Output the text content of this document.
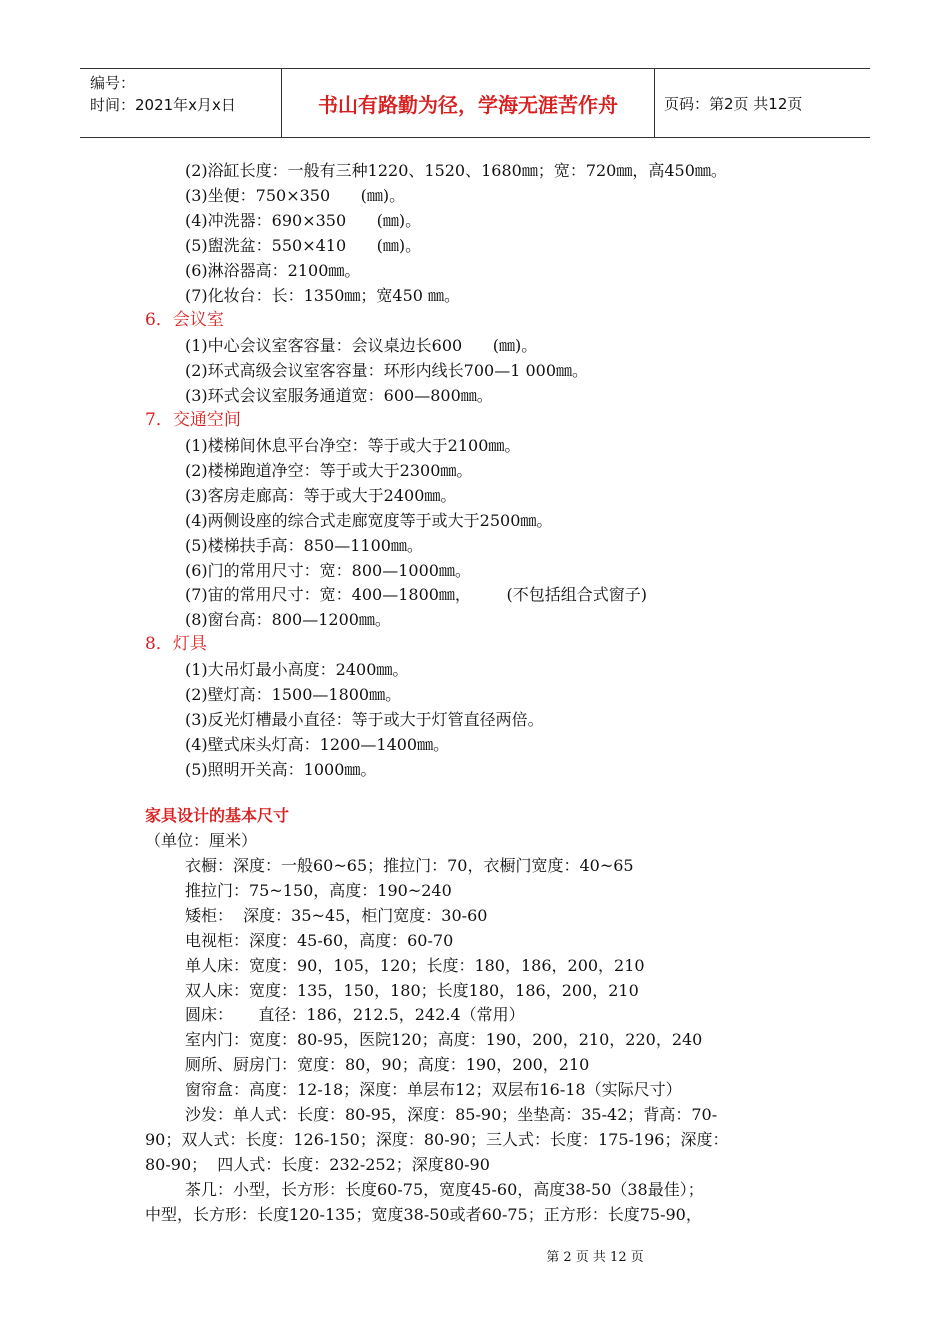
编号：
时间：2021年x月x日	书山有路勤为径，学海无涯苦作舟	页码：第2页 共12页
(2)浴缸长度：一般有三种1220、1520、1680㎜；宽：720㎜，高450㎜。
(3)坐便：750×350      (㎜)。
(4)冲洗器：690×350      (㎜)。
(5)盥洗盆：550×410      (㎜)。
(6)淋浴器高：2100㎜。
(7)化妆台：长：1350㎜；宽450 ㎜。
6．会议室
(1)中心会议室客容量：会议桌边长600      (㎜)。
(2)环式高级会议室客容量：环形内线长700—1 000㎜。
(3)环式会议室服务通道宽：600—800㎜。
7．交通空间
(1)楼梯间休息平台净空：等于或大于2100㎜。
(2)楼梯跑道净空：等于或大于2300㎜。
(3)客房走廊高：等于或大于2400㎜。
(4)两侧设座的综合式走廊宽度等于或大于2500㎜。
(5)楼梯扶手高：850—1100㎜。
(6)门的常用尺寸：宽：800—1000㎜。
(7)宙的常用尺寸：宽：400—1800㎜，       (不包括组合式窗子)
(8)窗台高：800—1200㎜。
8．灯具
(1)大吊灯最小高度：2400㎜。
(2)壁灯高：1500—1800㎜。
(3)反光灯槽最小直径：等于或大于灯管直径两倍。
(4)壁式床头灯高：1200—1400㎜。
(5)照明开关高：1000㎜。
家具设计的基本尺寸
（单位：厘米）
衣橱：深度：一般60~65；推拉门：70，衣橱门宽度：40~65
推拉门：75~150，高度：190~240
矮柜：  深度：35~45，柜门宽度：30-60
电视柜：深度：45-60，高度：60-70
单人床：宽度：90，105，120；长度：180，186，200，210
双人床：宽度：135，150，180；长度180，186，200，210
圆床：     直径：186，212.5，242.4（常用）
室内门：宽度：80-95，医院120；高度：190，200，210，220，240
厕所、厨房门：宽度：80，90；高度：190，200，210
窗帘盒：高度：12-18；深度：单层布12；双层布16-18（实际尺寸）
沙发：单人式：长度：80-95，深度：85-90；坐垫高：35-42；背高：70-
90；双人式：长度：126-150；深度：80-90；三人式：长度：175-196；深度：
80-90；  四人式：长度：232-252；深度80-90
茶几：小型，长方形：长度60-75，宽度45-60，高度38-50（38最佳）；
中型，长方形：长度120-135；宽度38-50或者60-75；正方形：长度75-90，
第 2 页 共 12 页
